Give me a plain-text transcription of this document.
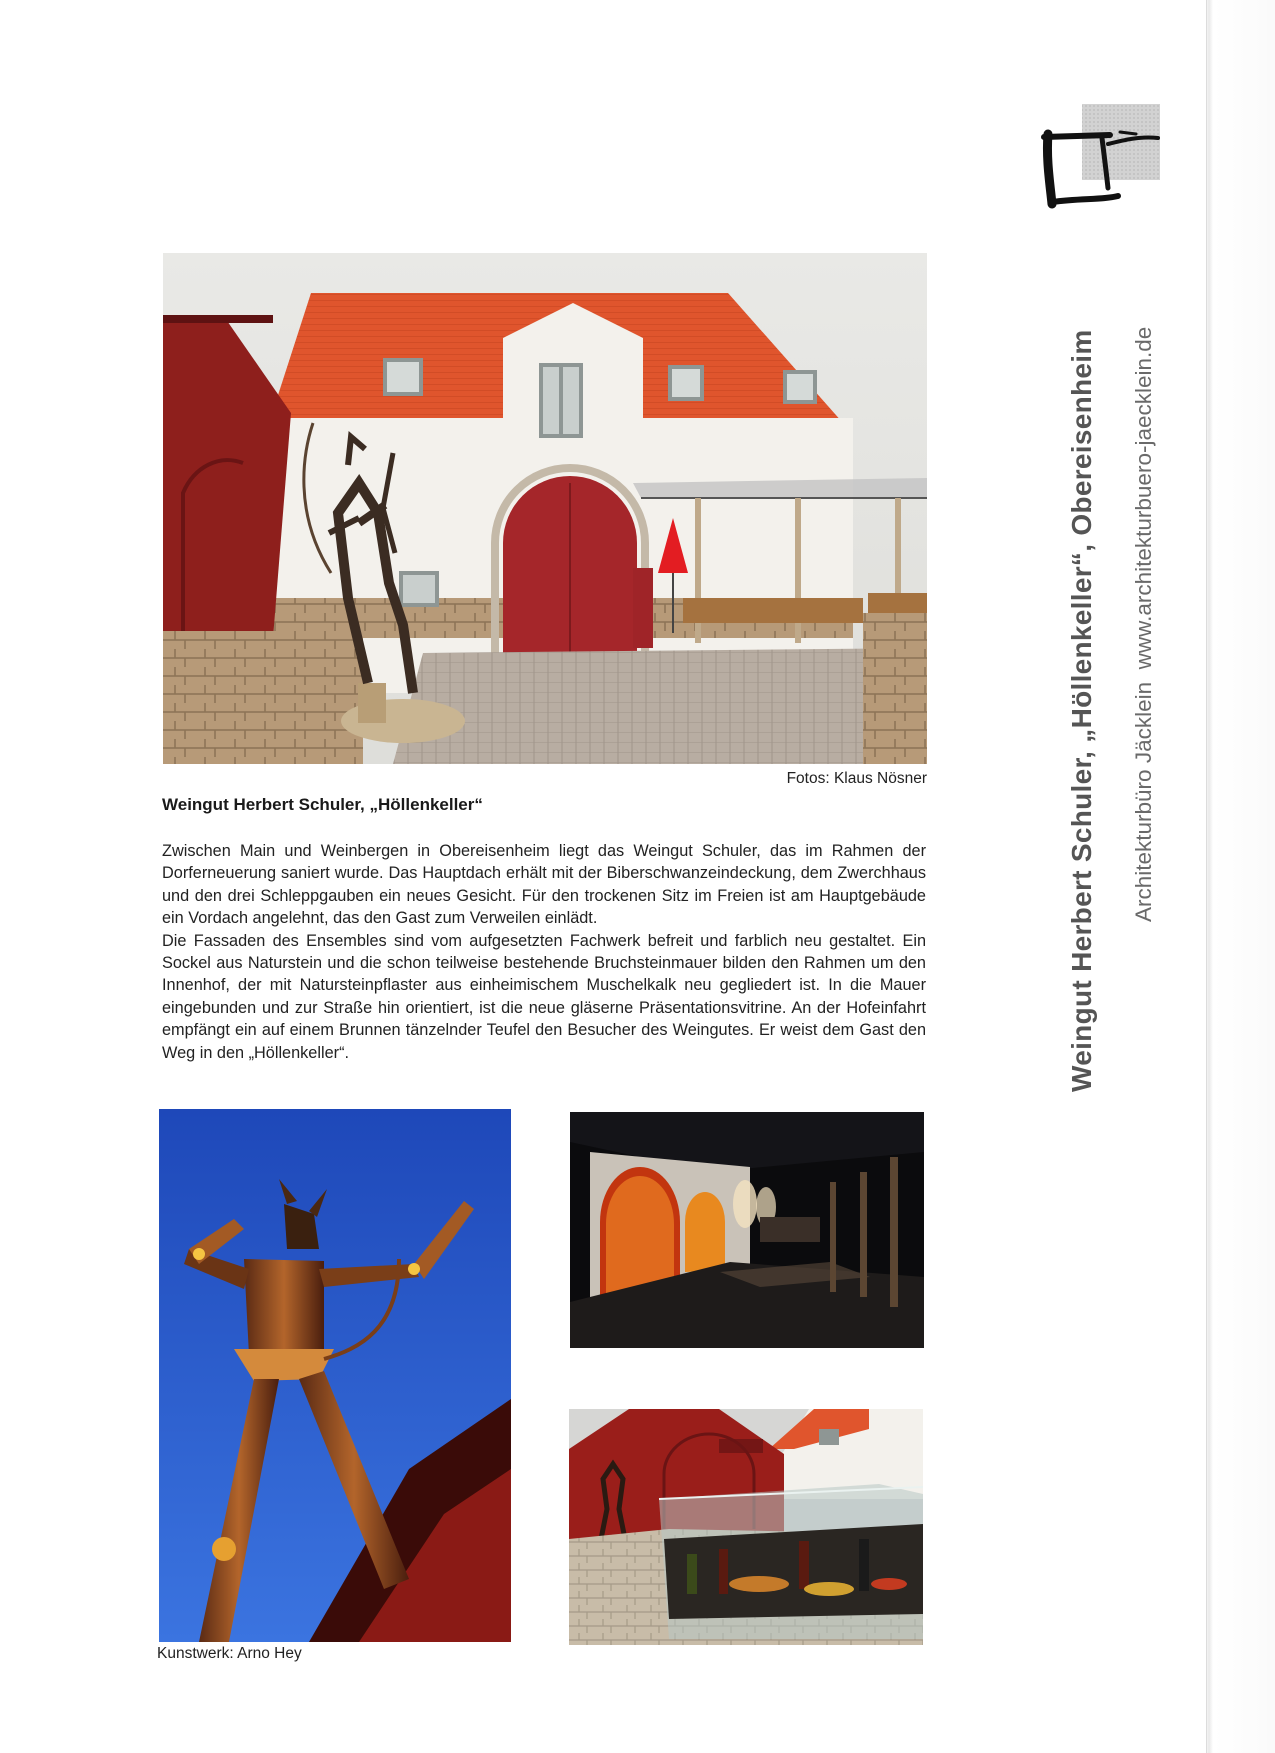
Fotos: Klaus Nösner
Weingut Herbert Schuler, „Höllenkeller“

Zwischen Main und Weinbergen in Obereisenheim liegt das Weingut Schuler, das im Rahmen der Dorferneuerung saniert wurde. Das Hauptdach erhält mit der Biberschwanzeindeckung, dem Zwerchhaus und den drei Schleppgauben ein neues Gesicht. Für den trockenen Sitz im Freien ist am Hauptgebäude ein Vordach angelehnt, das den Gast zum Verweilen einlädt.

Die Fassaden des Ensembles sind vom aufgesetzten Fachwerk befreit und farblich neu gestaltet. Ein Sockel aus Naturstein und die schon teilweise bestehende Bruchsteinmauer bilden den Rahmen um den Innenhof, der mit Natursteinpflaster aus einheimischem Muschelkalk neu gegliedert ist. In die Mauer eingebunden und zur Straße hin orientiert, ist die neue gläserne Präsentationsvitrine. An der Hofeinfahrt empfängt ein auf einem Brunnen tänzelnder Teufel den Besucher des Weingutes. Er weist dem Gast den Weg in den „Höllenkeller“.

Kunstwerk: Arno Hey
Weingut Herbert Schuler, „Höllenkeller“, Obereisenheim Architekturbüro Jäcklein  www.architekturbuero-jaecklein.de
